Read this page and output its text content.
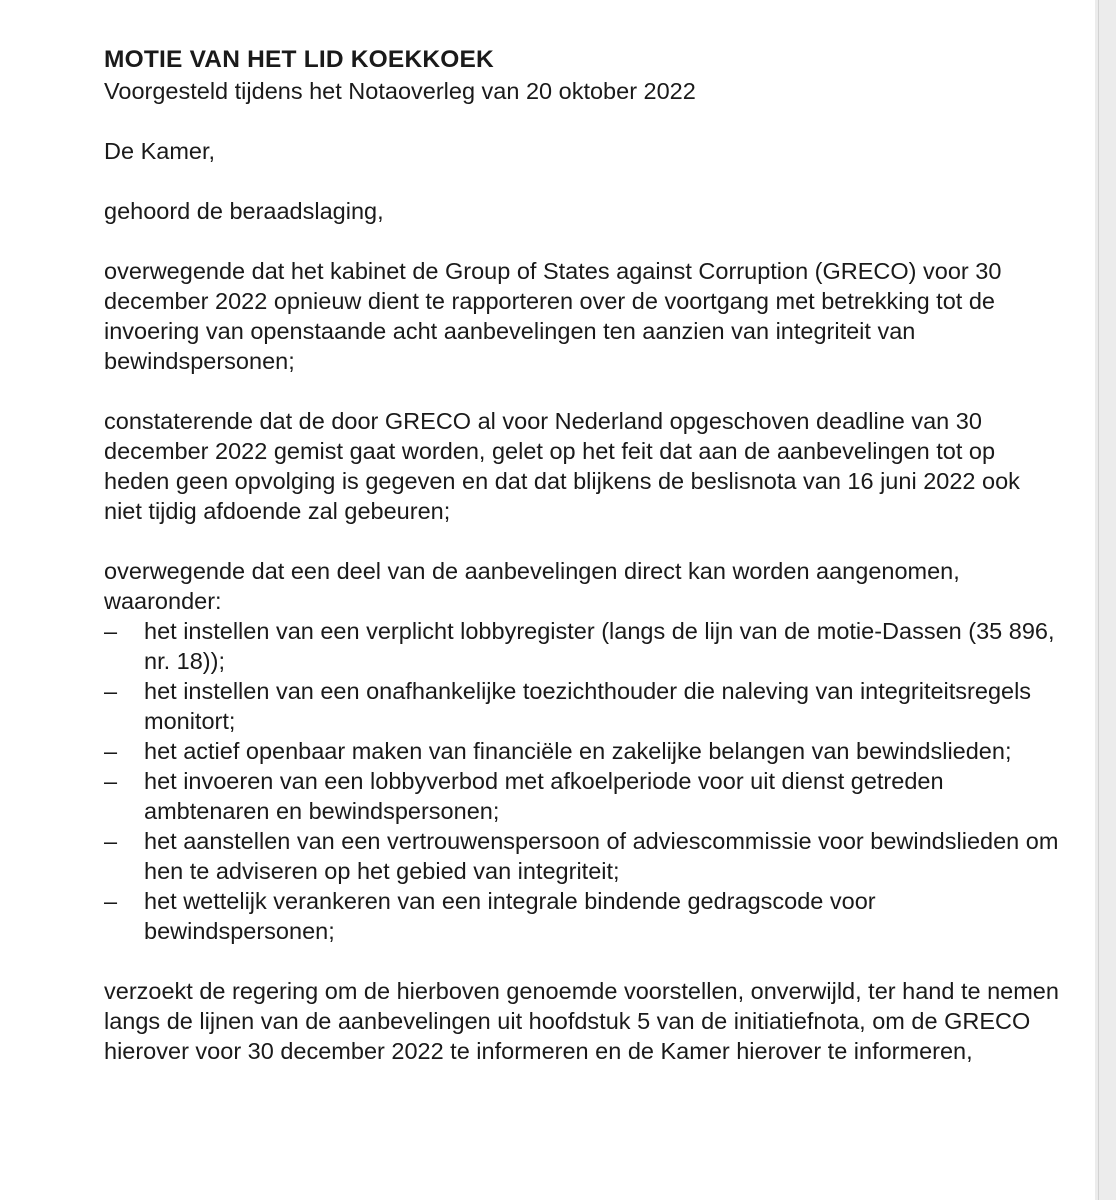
MOTIE VAN HET LID KOEKKOEK
Voorgesteld tijdens het Notaoverleg van 20 oktober 2022

De Kamer,

gehoord de beraadslaging,

overwegende dat het kabinet de Group of States against Corruption (GRECO) voor 30 december 2022 opnieuw dient te rapporteren over de voortgang met betrekking tot de invoering van openstaande acht aanbevelingen ten aanzien van integriteit van bewindspersonen;

constaterende dat de door GRECO al voor Nederland opgeschoven deadline van 30 december 2022 gemist gaat worden, gelet op het feit dat aan de aanbevelingen tot op heden geen opvolging is gegeven en dat dat blijkens de beslisnota van 16 juni 2022 ook niet tijdig afdoende zal gebeuren;

overwegende dat een deel van de aanbevelingen direct kan worden aangenomen, waaronder:
– het instellen van een verplicht lobbyregister (langs de lijn van de motie-Dassen (35 896, nr. 18));
– het instellen van een onafhankelijke toezichthouder die naleving van integriteitsregels monitort;
– het actief openbaar maken van financiële en zakelijke belangen van bewindslieden;
– het invoeren van een lobbyverbod met afkoelperiode voor uit dienst getreden ambtenaren en bewindspersonen;
– het aanstellen van een vertrouwenspersoon of adviescommissie voor bewindslieden om hen te adviseren op het gebied van integriteit;
– het wettelijk verankeren van een integrale bindende gedragscode voor bewindspersonen;

verzoekt de regering om de hierboven genoemde voorstellen, onverwijld, ter hand te nemen langs de lijnen van de aanbevelingen uit hoofdstuk 5 van de initiatiefnota, om de GRECO hierover voor 30 december 2022 te informeren en de Kamer hierover te informeren,
